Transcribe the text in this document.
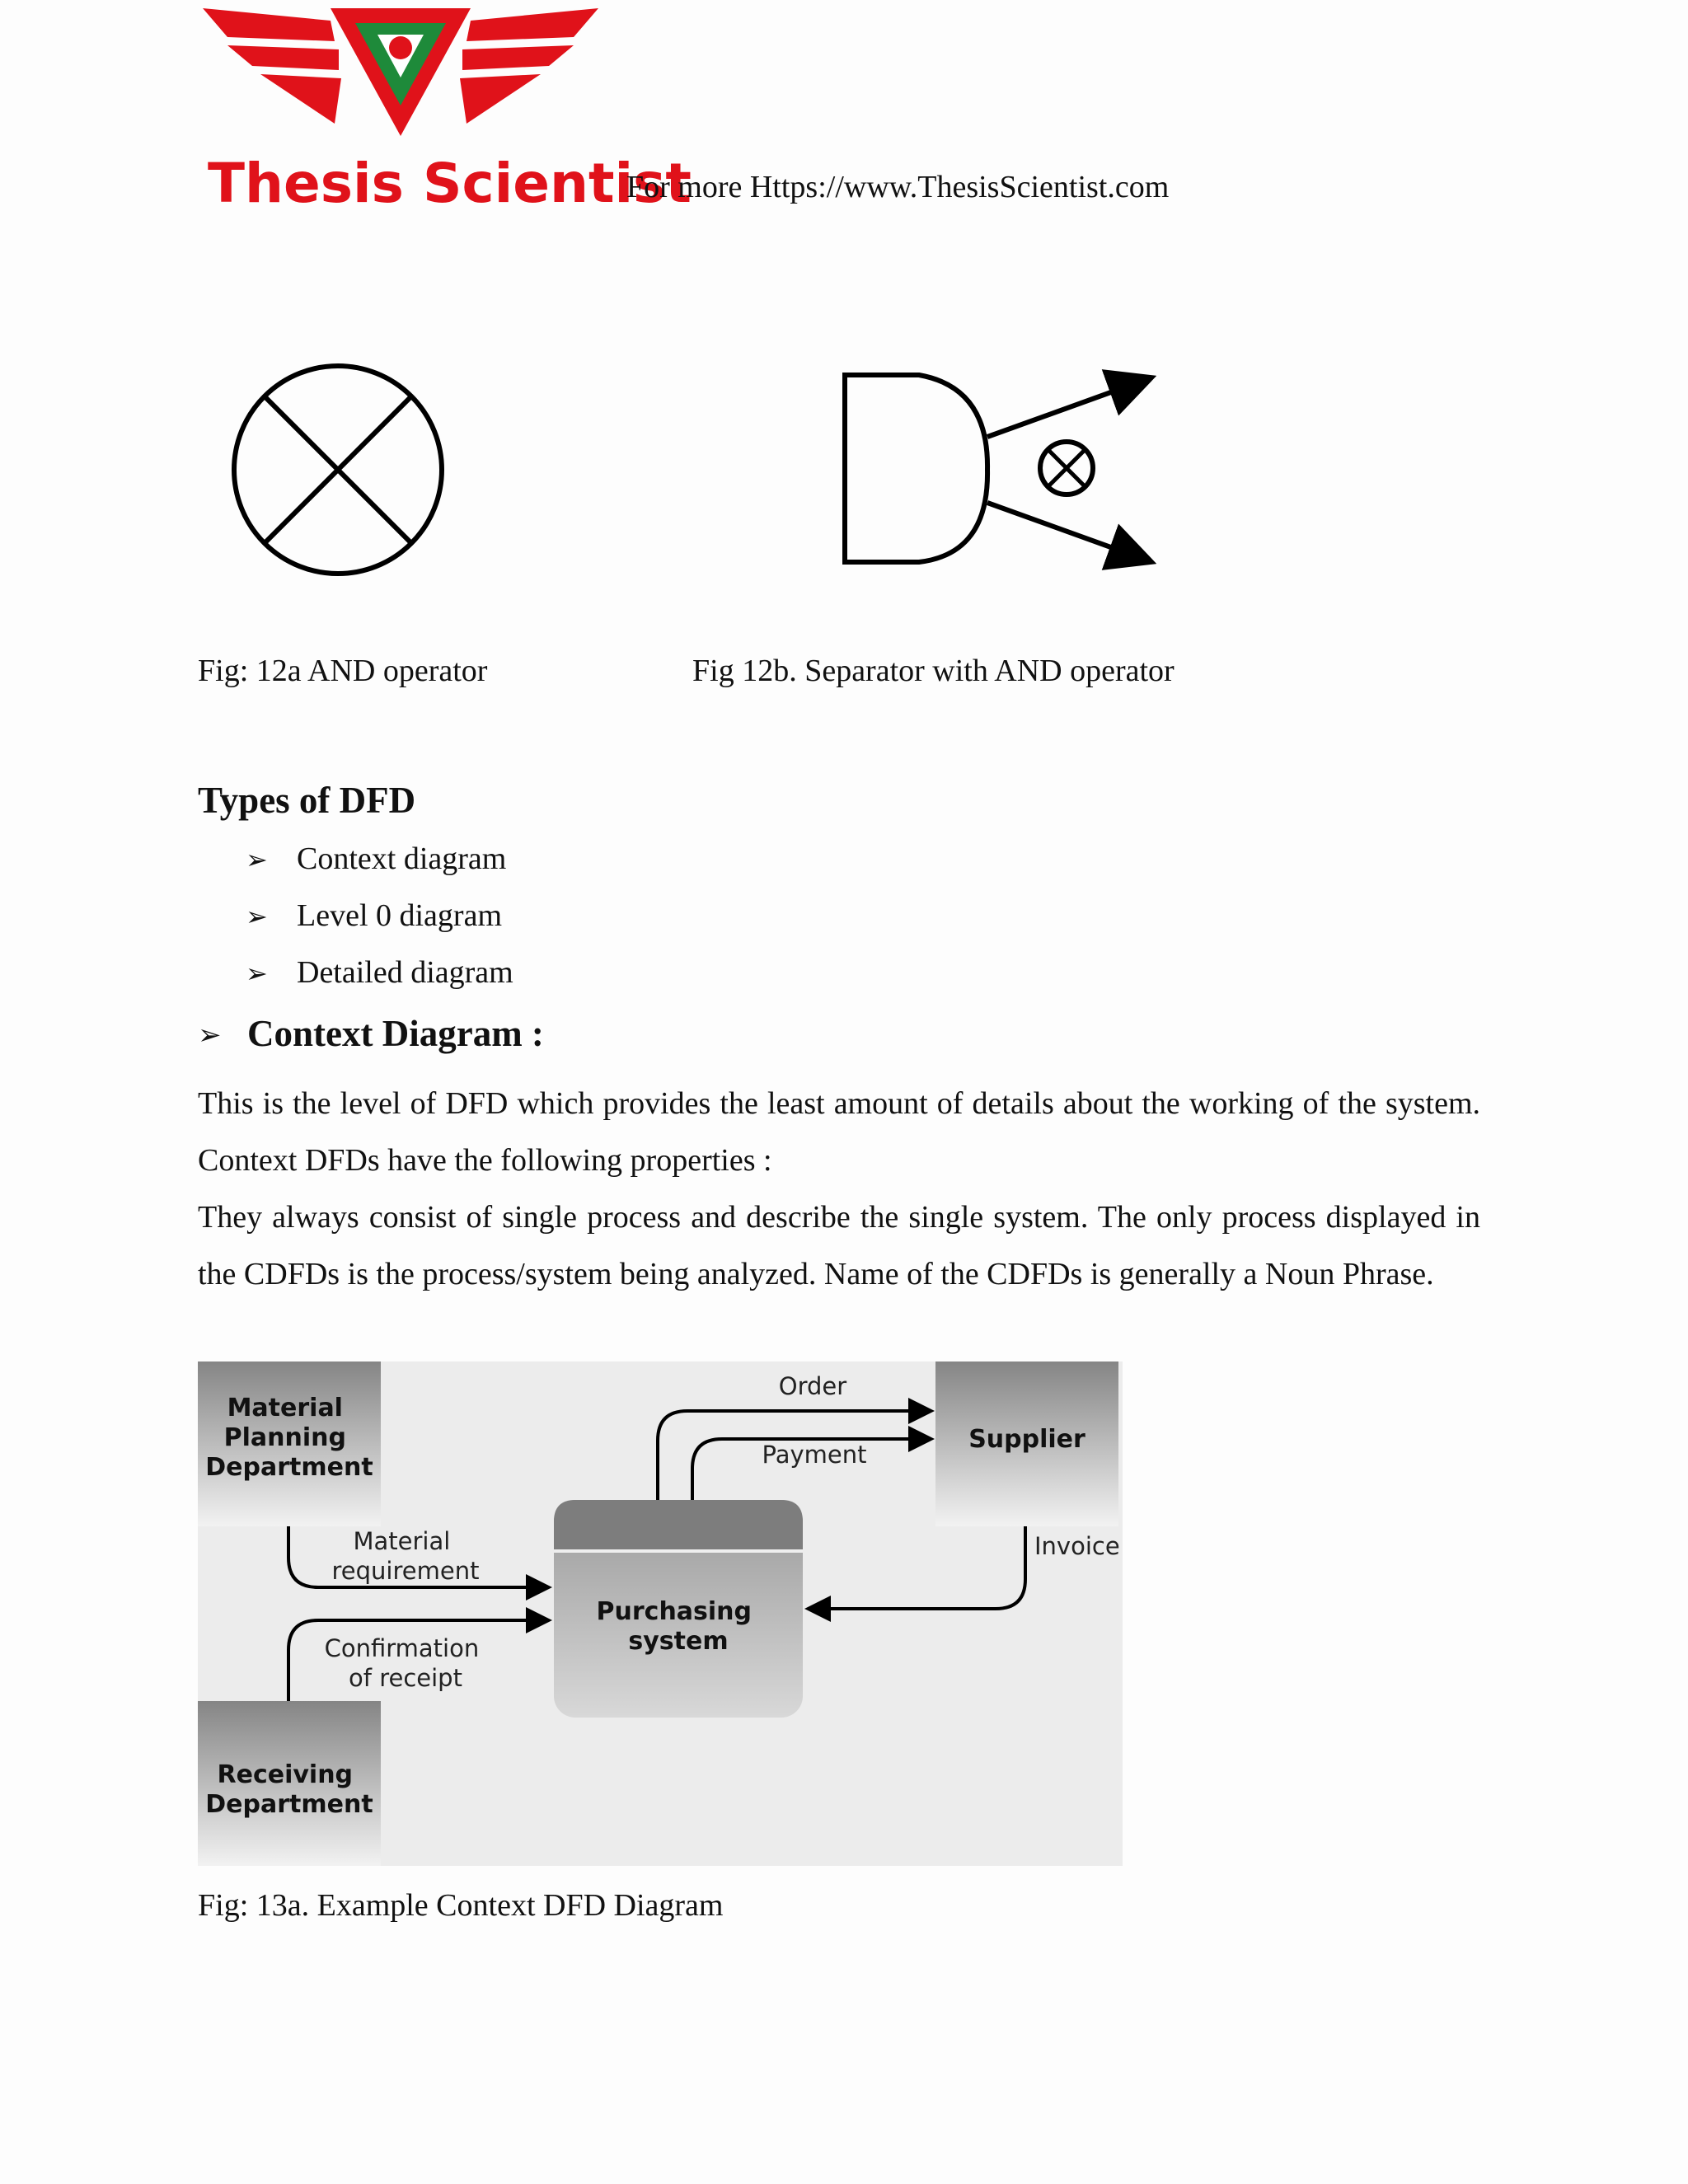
Thesis Scientist
For more Https://www.ThesisScientist.com
Fig: 12a AND operator	Fig 12b. Separator with AND operator
Types of DFD
➢ Context diagram
➢ Level 0 diagram
➢ Detailed diagram
➢ Context Diagram :

This is the level of DFD which provides the least amount of details about the working of the system. Context DFDs have the following properties :

They always consist of single process and describe the single system. The only process displayed in the CDFDs is the process/system being analyzed. Name of the CDFDs is generally a Noun Phrase.

Material Planning Department
Supplier
Receiving Department
Purchasing system
Order
Payment
Invoice
Material requirement
Confirmation of receipt
Fig: 13a. Example Context DFD Diagram
